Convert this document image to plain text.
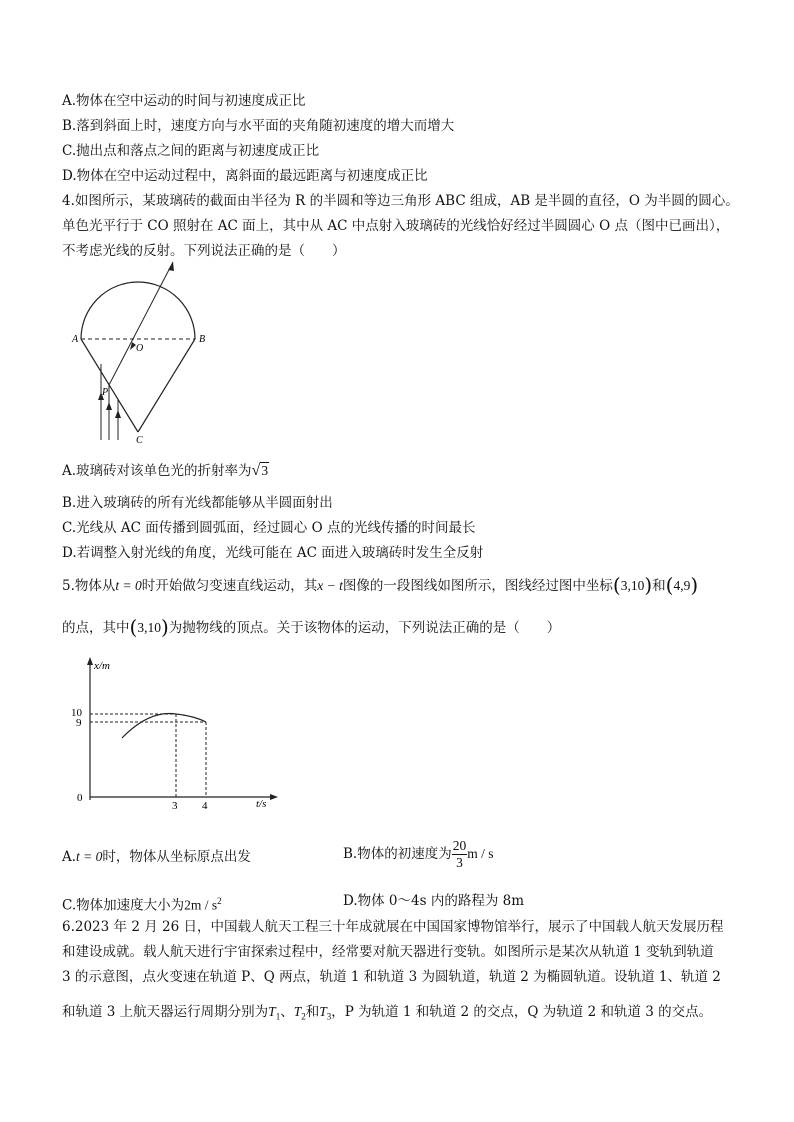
A.物体在空中运动的时间与初速度成正比
B.落到斜面上时，速度方向与水平面的夹角随初速度的增大而增大
C.抛出点和落点之间的距离与初速度成正比
D.物体在空中运动过程中，离斜面的最远距离与初速度成正比
4.如图所示，某玻璃砖的截面由半径为 R 的半圆和等边三角形 ABC 组成，AB 是半圆的直径，O 为半圆的圆心。
单色光平行于 CO 照射在 AC 面上，其中从 AC 中点射入玻璃砖的光线恰好经过半圆圆心 O 点（图中已画出），
不考虑光线的反射。下列说法正确的是（　　）
A	B
O
P
C
A.玻璃砖对该单色光的折射率为√3
B.进入玻璃砖的所有光线都能够从半圆面射出
C.光线从 AC 面传播到圆弧面，经过圆心 O 点的光线传播的时间最长
D.若调整入射光线的角度，光线可能在 AC 面进入玻璃砖时发生全反射
5.物体从t = 0时开始做匀变速直线运动，其x − t图像的一段图线如图所示，图线经过图中坐标(3,10)和(4,9)
的点，其中(3,10)为抛物线的顶点。关于该物体的运动，下列说法正确的是（　　）
x/m
t/s
0
10
9
3 4
A.t = 0时，物体从坐标原点出发	B.物体的初速度为 $\frac{20}{3}$ m / s
C.物体加速度大小为$2m / s^2$	D.物体 0～4s 内的路程为 8m
6.2023 年 2 月 26 日，中国载人航天工程三十年成就展在中国国家博物馆举行，展示了中国载人航天发展历程
和建设成就。载人航天进行宇宙探索过程中，经常要对航天器进行变轨。如图所示是某次从轨道 1 变轨到轨道
3 的示意图，点火变速在轨道 P、Q 两点，轨道 1 和轨道 3 为圆轨道，轨道 2 为椭圆轨道。设轨道 1、轨道 2
和轨道 3 上航天器运行周期分别为$T_1$、$T_2$和$T_3$，P 为轨道 1 和轨道 2 的交点，Q 为轨道 2 和轨道 3 的交点。
